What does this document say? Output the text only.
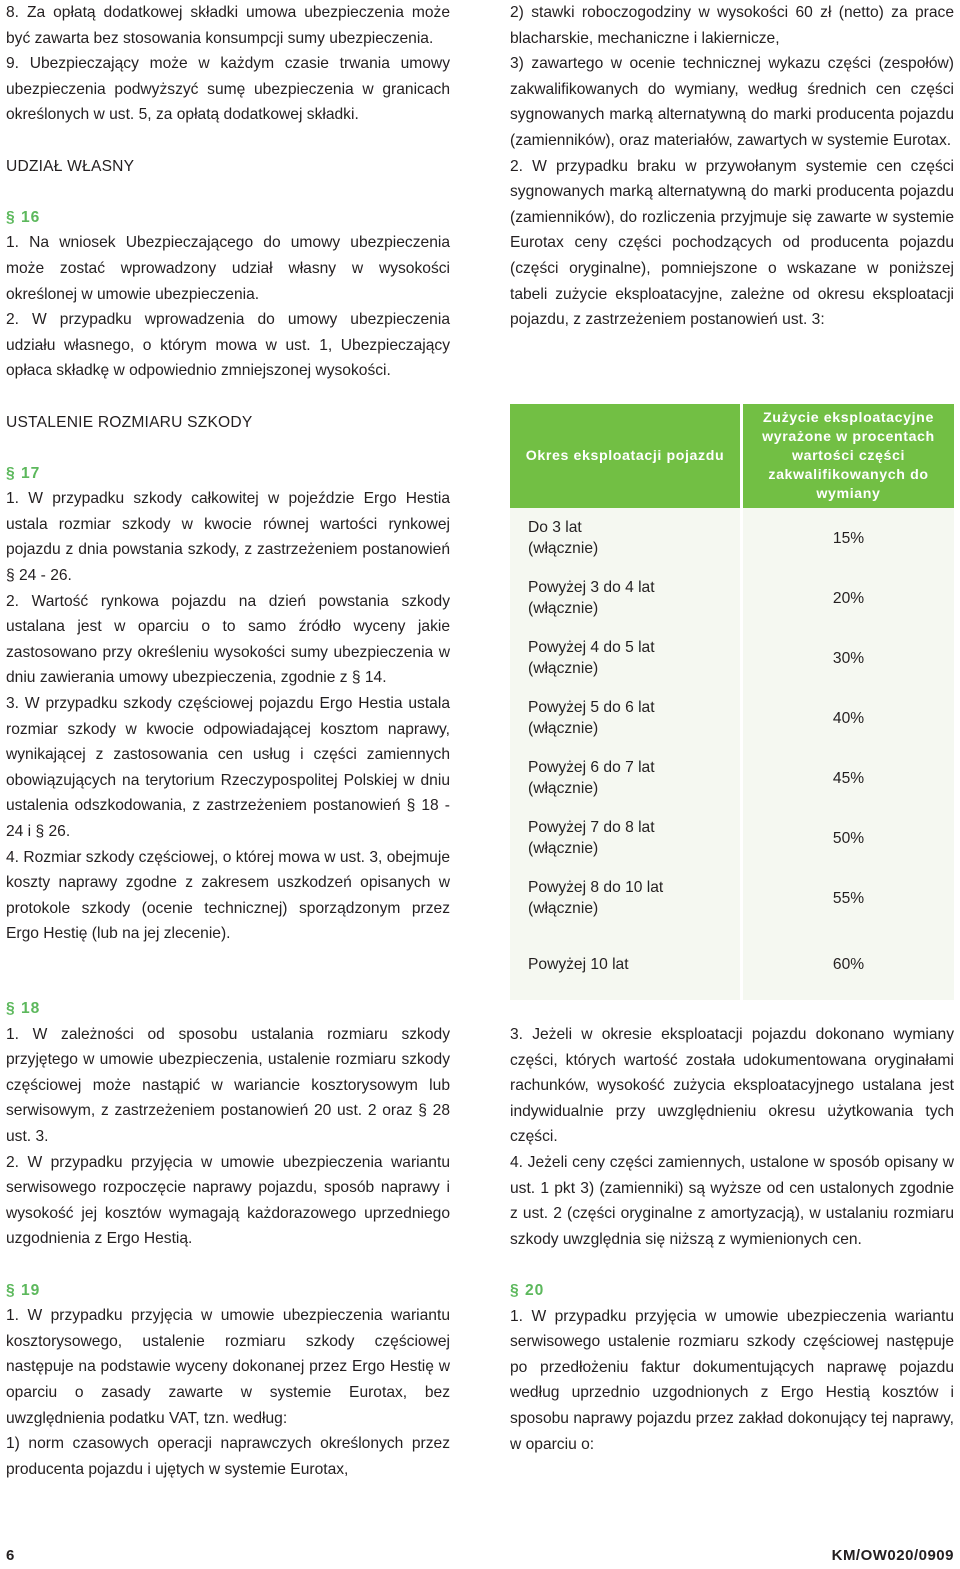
8. Za opłatą dodatkowej składki umowa ubezpieczenia może być zawarta bez stosowania konsumpcji sumy ubezpieczenia.

9. Ubezpieczający może w każdym czasie trwania umowy ubezpieczenia podwyższyć sumę ubezpieczenia w granicach określonych w ust. 5, za opłatą dodatkowej składki.

UDZIAŁ WŁASNY

§ 16

1. Na wniosek Ubezpieczającego do umowy ubezpieczenia może zostać wprowadzony udział własny w wysokości określonej w umowie ubezpieczenia.

2. W przypadku wprowadzenia do umowy ubezpieczenia udziału własnego, o którym mowa w ust. 1, Ubezpieczający opłaca składkę w odpowiednio zmniejszonej wysokości.

USTALENIE ROZMIARU SZKODY

§ 17

1. W przypadku szkody całkowitej w pojeździe Ergo Hestia ustala rozmiar szkody w kwocie równej wartości rynkowej pojazdu z dnia powstania szkody, z zastrzeżeniem postanowień § 24 - 26.

2. Wartość rynkowa pojazdu na dzień powstania szkody ustalana jest w oparciu o to samo źródło wyceny jakie zastosowano przy określeniu wysokości sumy ubezpieczenia w dniu zawierania umowy ubezpieczenia, zgodnie z § 14.

3. W przypadku szkody częściowej pojazdu Ergo Hestia ustala rozmiar szkody w kwocie odpowiadającej kosztom naprawy, wynikającej z zastosowania cen usług i części zamiennych obowiązujących na terytorium Rzeczypospolitej Polskiej w dniu ustalenia odszkodowania, z zastrzeżeniem postanowień § 18 - 24 i § 26.

4. Rozmiar szkody częściowej, o której mowa w ust. 3, obejmuje koszty naprawy zgodne z zakresem uszkodzeń opisanych w protokole szkody (ocenie technicznej) sporządzonym przez Ergo Hestię (lub na jej zlecenie).

2) stawki roboczogodziny w wysokości 60 zł (netto) za prace blacharskie, mechaniczne i lakiernicze,

3) zawartego w ocenie technicznej wykazu części (zespołów) zakwalifikowanych do wymiany, według średnich cen części sygnowanych marką alternatywną do marki producenta pojazdu (zamienników), oraz materiałów, zawartych w systemie Eurotax.

2. W przypadku braku w przywołanym systemie cen części sygnowanych marką alternatywną do marki producenta pojazdu (zamienników), do rozliczenia przyjmuje się zawarte w systemie Eurotax ceny części pochodzących od producenta pojazdu (części oryginalne), pomniejszone o wskazane w poniższej tabeli zużycie eksploatacyjne, zależne od okresu eksploatacji pojazdu, z zastrzeżeniem postanowień ust. 3:

Okres eksploatacji pojazdu	Zużycie eksploatacyjne wyrażone w procentach wartości części zakwalifikowanych do wymiany
Do 3 lat
(włącznie)	15%
Powyżej 3 do 4 lat
(włącznie)	20%
Powyżej 4 do 5 lat
(włącznie)	30%
Powyżej 5 do 6 lat
(włącznie)	40%
Powyżej 6 do 7 lat
(włącznie)	45%
Powyżej 7 do 8 lat
(włącznie)	50%
Powyżej 8 do 10 lat
(włącznie)	55%
Powyżej 10 lat	60%

§ 18

1. W zależności od sposobu ustalania rozmiaru szkody przyjętego w umowie ubezpieczenia, ustalenie rozmiaru szkody częściowej może nastąpić w wariancie kosztorysowym lub serwisowym, z zastrzeżeniem postanowień 20 ust. 2 oraz § 28 ust. 3.

2. W przypadku przyjęcia w umowie ubezpieczenia wariantu serwisowego rozpoczęcie naprawy pojazdu, sposób naprawy i wysokość jej kosztów wymagają każdorazowego uprzedniego uzgodnienia z Ergo Hestią.

§ 19

1. W przypadku przyjęcia w umowie ubezpieczenia wariantu kosztorysowego, ustalenie rozmiaru szkody częściowej następuje na podstawie wyceny dokonanej przez Ergo Hestię w oparciu o zasady zawarte w systemie Eurotax, bez uwzględnienia podatku VAT, tzn. według:

1) norm czasowych operacji naprawczych określonych przez producenta pojazdu i ujętych w systemie Eurotax,

3. Jeżeli w okresie eksploatacji pojazdu dokonano wymiany części, których wartość została udokumentowana oryginałami rachunków, wysokość zużycia eksploatacyjnego ustalana jest indywidualnie przy uwzględnieniu okresu użytkowania tych części.

4. Jeżeli ceny części zamiennych, ustalone w sposób opisany w ust. 1 pkt 3) (zamienniki) są wyższe od cen ustalonych zgodnie z ust. 2 (części oryginalne z amortyzacją), w ustalaniu rozmiaru szkody uwzględnia się niższą z wymienionych cen.

§ 20

1. W przypadku przyjęcia w umowie ubezpieczenia wariantu serwisowego ustalenie rozmiaru szkody częściowej następuje po przedłożeniu faktur dokumentujących naprawę pojazdu według uprzednio uzgodnionych z Ergo Hestią kosztów i sposobu naprawy pojazdu przez zakład dokonujący tej naprawy, w oparciu o:

6	KM/OW020/0909
